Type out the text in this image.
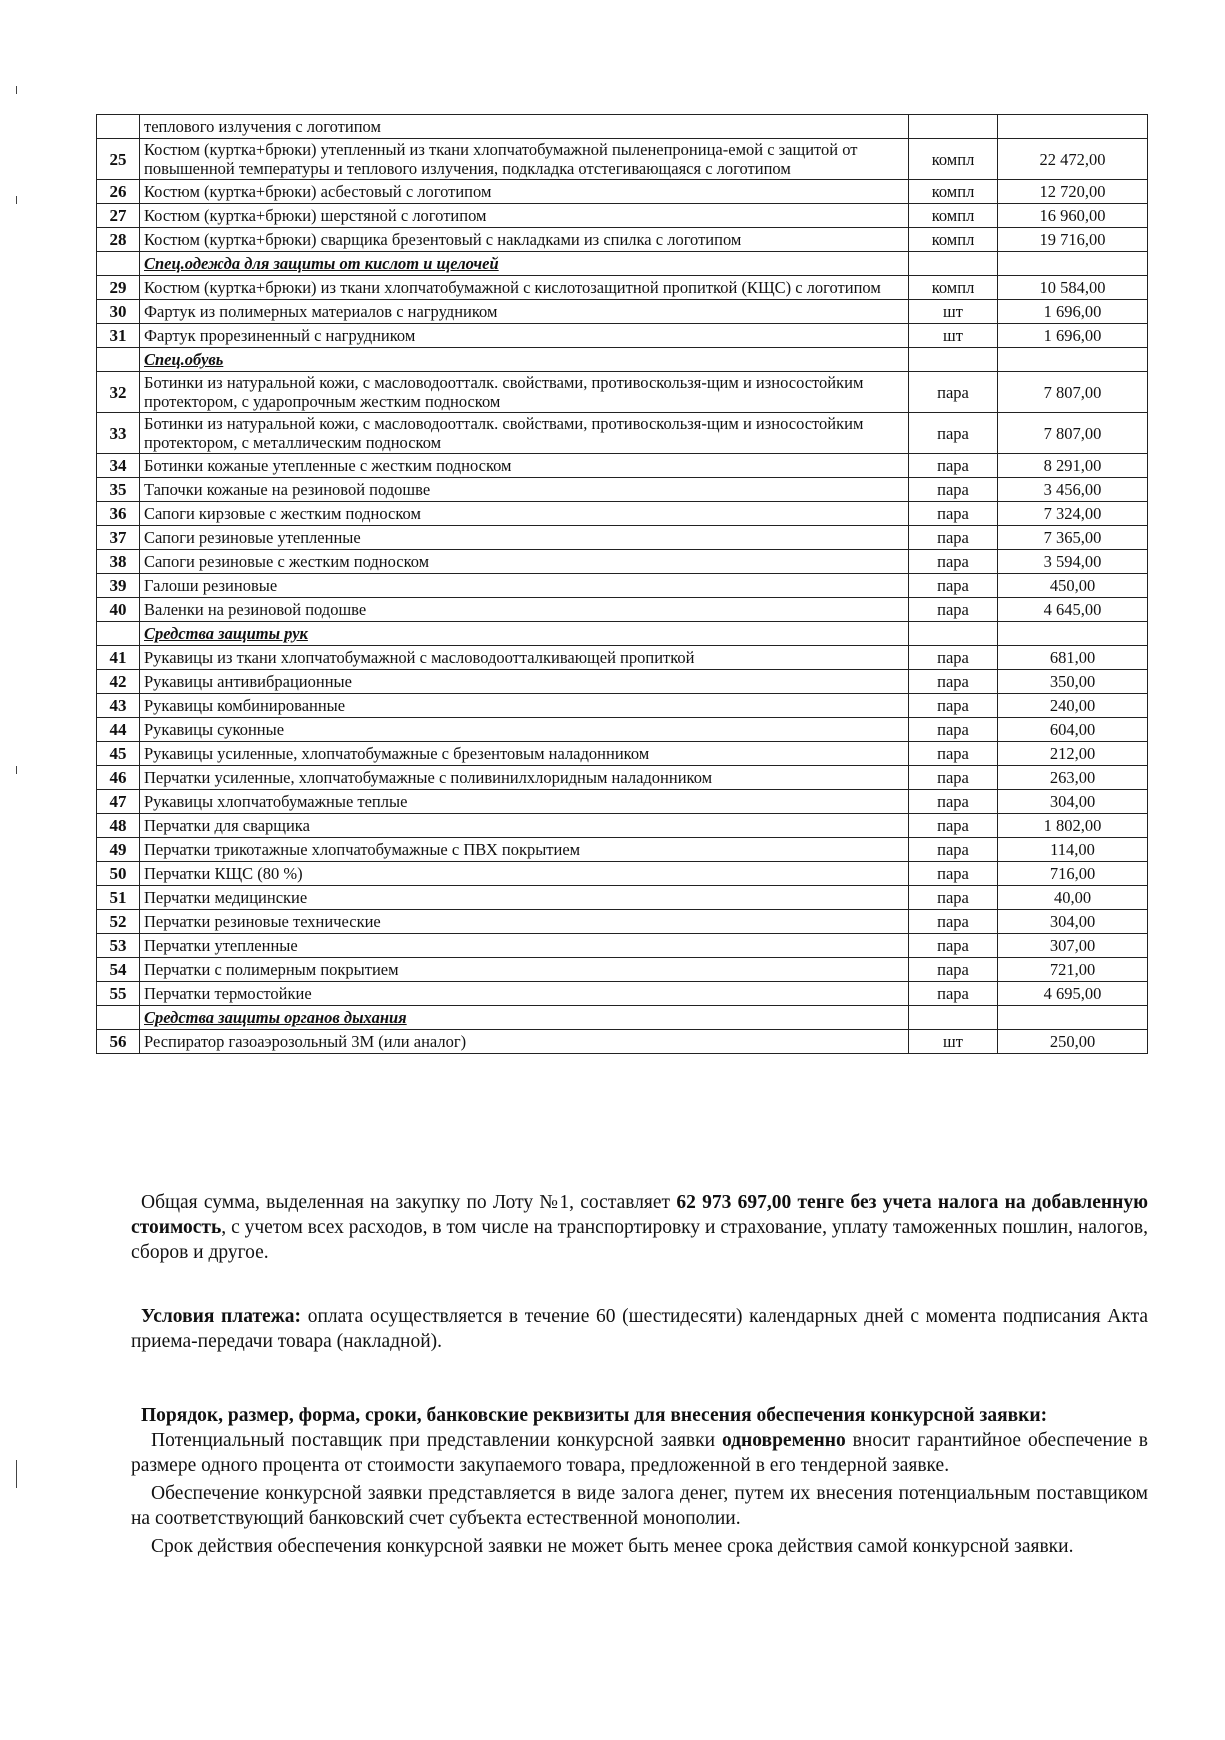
	теплового излучения с логотипом		
25	Костюм (куртка+брюки) утепленный из ткани хлопчатобумажной пыленепроница-емой с защитой от повышенной температуры и теплового излучения, подкладка отстегивающаяся с логотипом	компл	22 472,00
26	Костюм (куртка+брюки) асбестовый с логотипом	компл	12 720,00
27	Костюм (куртка+брюки) шерстяной с логотипом	компл	16 960,00
28	Костюм (куртка+брюки) сварщика брезентовый с накладками из спилка с логотипом	компл	19 716,00
	Спец.одежда для защиты от кислот и щелочей		
29	Костюм (куртка+брюки) из ткани хлопчатобумажной с кислотозащитной пропиткой (КЩС) с логотипом	компл	10 584,00
30	Фартук из полимерных материалов с нагрудником	шт	1 696,00
31	Фартук прорезиненный с нагрудником	шт	1 696,00
	Спец.обувь		
32	Ботинки из натуральной кожи, с масловодоотталк. свойствами, противоскользя-щим и износостойким протектором, с ударопрочным жестким подноском	пара	7 807,00
33	Ботинки из натуральной кожи, с масловодоотталк. свойствами, противоскользя-щим и износостойким протектором, с металлическим подноском	пара	7 807,00
34	Ботинки кожаные утепленные с жестким подноском	пара	8 291,00
35	Тапочки кожаные на резиновой подошве	пара	3 456,00
36	Сапоги кирзовые с жестким подноском	пара	7 324,00
37	Сапоги резиновые утепленные	пара	7 365,00
38	Сапоги резиновые с жестким подноском	пара	3 594,00
39	Галоши резиновые	пара	450,00
40	Валенки на резиновой подошве	пара	4 645,00
	Средства защиты рук		
41	Рукавицы из ткани хлопчатобумажной с масловодоотталкивающей пропиткой	пара	681,00
42	Рукавицы антивибрационные	пара	350,00
43	Рукавицы комбинированные	пара	240,00
44	Рукавицы суконные	пара	604,00
45	Рукавицы усиленные, хлопчатобумажные с брезентовым наладонником	пара	212,00
46	Перчатки усиленные, хлопчатобумажные с поливинилхлоридным наладонником	пара	263,00
47	Рукавицы хлопчатобумажные теплые	пара	304,00
48	Перчатки для сварщика	пара	1 802,00
49	Перчатки трикотажные хлопчатобумажные с ПВХ покрытием	пара	114,00
50	Перчатки КЩС (80 %)	пара	716,00
51	Перчатки медицинские	пара	40,00
52	Перчатки резиновые технические	пара	304,00
53	Перчатки утепленные	пара	307,00
54	Перчатки с полимерным покрытием	пара	721,00
55	Перчатки термостойкие	пара	4 695,00
	Средства защиты органов дыхания		
56	Респиратор газоаэрозольный 3М (или аналог)	шт	250,00

Общая сумма, выделенная на закупку по Лоту №1, составляет 62 973 697,00 тенге без учета налога на добавленную стоимость, с учетом всех расходов, в том числе на транспортировку и страхование, уплату таможенных пошлин, налогов, сборов и другое.

Условия платежа: оплата осуществляется в течение 60 (шестидесяти) календарных дней с момента подписания Акта приема-передачи товара (накладной).

Порядок, размер, форма, сроки, банковские реквизиты для внесения обеспечения конкурсной заявки:

Потенциальный поставщик при представлении конкурсной заявки одновременно вносит гарантийное обеспечение в размере одного процента от стоимости закупаемого товара, предложенной в его тендерной заявке.

Обеспечение конкурсной заявки представляется в виде залога денег, путем их внесения потенциальным поставщиком на соответствующий банковский счет субъекта естественной монополии.

Срок действия обеспечения конкурсной заявки не может быть менее срока действия самой конкурсной заявки.
